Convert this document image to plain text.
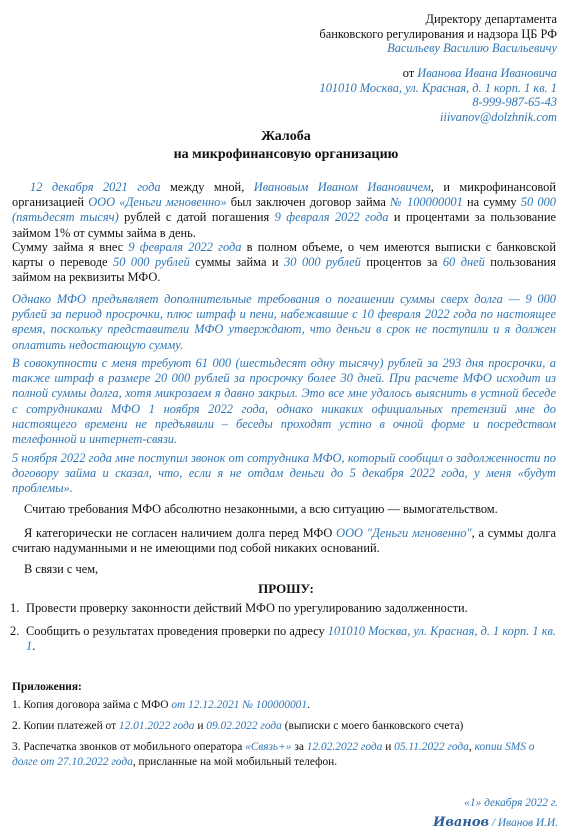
Директору департамента
банковского регулирования и надзора ЦБ РФ
Васильеву Василию Васильевичу
от Иванова Ивана Ивановича
101010 Москва, ул. Красная, д. 1 корп. 1 кв. 1
8-999-987-65-43
iiivanov@dolzhnik.com
Жалоба
на микрофинансовую организацию
12 декабря 2021 года между мной, Ивановым Иваном Ивановичем, и микрофинансовой организацией ООО «Деньги мгновенно» был заключен договор займа № 100000001 на сумму 50 000 (пятьдесят тысяч) рублей с датой погашения 9 февраля 2022 года и процентами за пользование займом 1% от суммы займа в день.
Сумму займа я внес 9 февраля 2022 года в полном объеме, о чем имеются выписки с банковской карты о переводе 50 000 рублей суммы займа и 30 000 рублей процентов за 60 дней пользования займом на реквизиты МФО.
Однако МФО предъявляет дополнительные требования о погашении суммы сверх долга — 9 000 рублей за период просрочки, плюс штраф и пени, набежавшие с 10 февраля 2022 года по настоящее время, поскольку представители МФО утверждают, что деньги в срок не поступили и я должен оплатить недостающую сумму.
В совокупности с меня требуют 61 000 (шестьдесят одну тысячу) рублей за 293 дня просрочки, а также штраф в размере 20 000 рублей за просрочку более 30 дней. При расчете МФО исходит из полной суммы долга, хотя микрозаем я давно закрыл. Это все мне удалось выяснить в устной беседе с сотрудниками МФО 1 ноября 2022 года, однако никаких официальных претензий мне до настоящего времени не предъявили – беседы проходят устно в очной форме и посредством телефонной и интернет-связи.
5 ноября 2022 года мне поступил звонок от сотрудника МФО, который сообщил о задолженности по договору займа и сказал, что, если я не отдам деньги до 5 декабря 2022 года, у меня «будут проблемы».
Считаю требования МФО абсолютно незаконными, а всю ситуацию — вымогательством.
Я категорически не согласен наличием долга перед МФО ООО "Деньги мгновенно", а суммы долга считаю надуманными и не имеющими под собой никаких оснований.
В связи с чем,
ПРОШУ:
1. Провести проверку законности действий МФО по урегулированию задолженности.
2. Сообщить о результатах проведения проверки по адресу 101010 Москва, ул. Красная, д. 1 корп. 1 кв. 1.
Приложения:
1. Копия договора займа с МФО от 12.12.2021 № 100000001.
2. Копии платежей от 12.01.2022 года и 09.02.2022 года (выписки с моего банковского счета)
3. Распечатка звонков от мобильного оператора «Связь+» за 12.02.2022 года и 05.11.2022 года, копии SMS о долге от 27.10.2022 года, присланные на мой мобильный телефон.
«1» декабря 2022 г.
Иванов / Иванов И.И.
